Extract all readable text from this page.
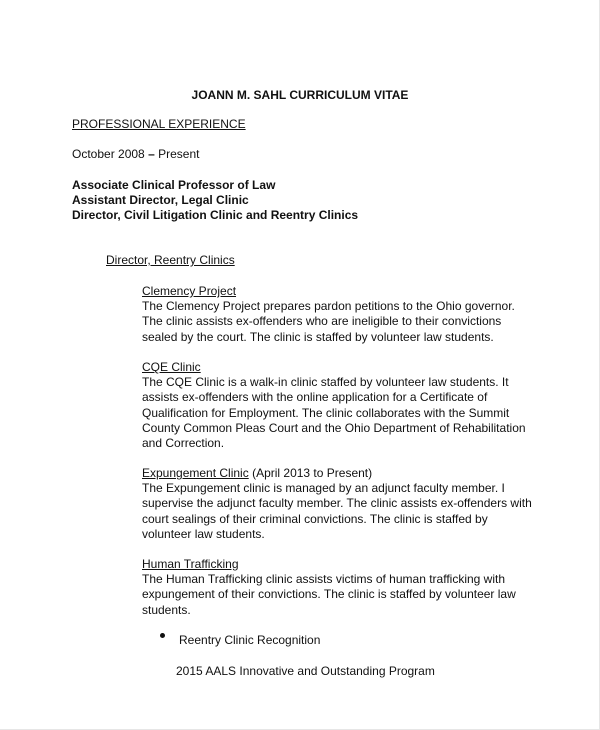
JOANN M. SAHL CURRICULUM VITAE
PROFESSIONAL EXPERIENCE
October 2008 – Present
Associate Clinical Professor of Law
Assistant Director, Legal Clinic
Director, Civil Litigation Clinic and Reentry Clinics
Director, Reentry Clinics
Clemency Project
The Clemency Project prepares pardon petitions to the Ohio governor.
The clinic assists ex-offenders who are ineligible to their convictions
sealed by the court. The clinic is staffed by volunteer law students.
CQE Clinic
The CQE Clinic is a walk-in clinic staffed by volunteer law students. It
assists ex-offenders with the online application for a Certificate of
Qualification for Employment. The clinic collaborates with the Summit
County Common Pleas Court and the Ohio Department of Rehabilitation
and Correction.
Expungement Clinic (April 2013 to Present)
The Expungement clinic is managed by an adjunct faculty member. I
supervise the adjunct faculty member. The clinic assists ex-offenders with
court sealings of their criminal convictions. The clinic is staffed by
volunteer law students.
Human Trafficking
The Human Trafficking clinic assists victims of human trafficking with
expungement of their convictions. The clinic is staffed by volunteer law
students.
Reentry Clinic Recognition
2015 AALS Innovative and Outstanding Program
